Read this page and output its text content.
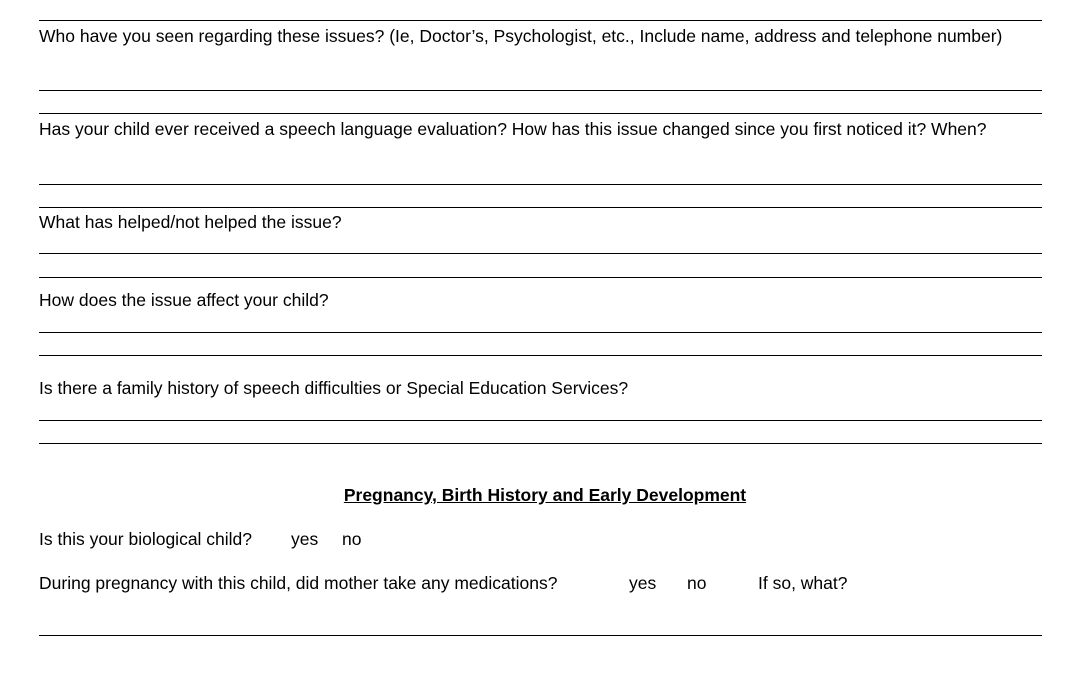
Who have you seen regarding these issues? (Ie, Doctor’s, Psychologist, etc., Include name, address and telephone number)
Has your child ever received a speech language evaluation? How has this issue changed since you first noticed it? When?
What has helped/not helped the issue?
How does the issue affect your child?
Is there a family history of speech difficulties or Special Education Services?
Pregnancy, Birth History and Early Development
Is this your biological child? yes no
During pregnancy with this child, did mother take any medications?	yes no	If so, what?
